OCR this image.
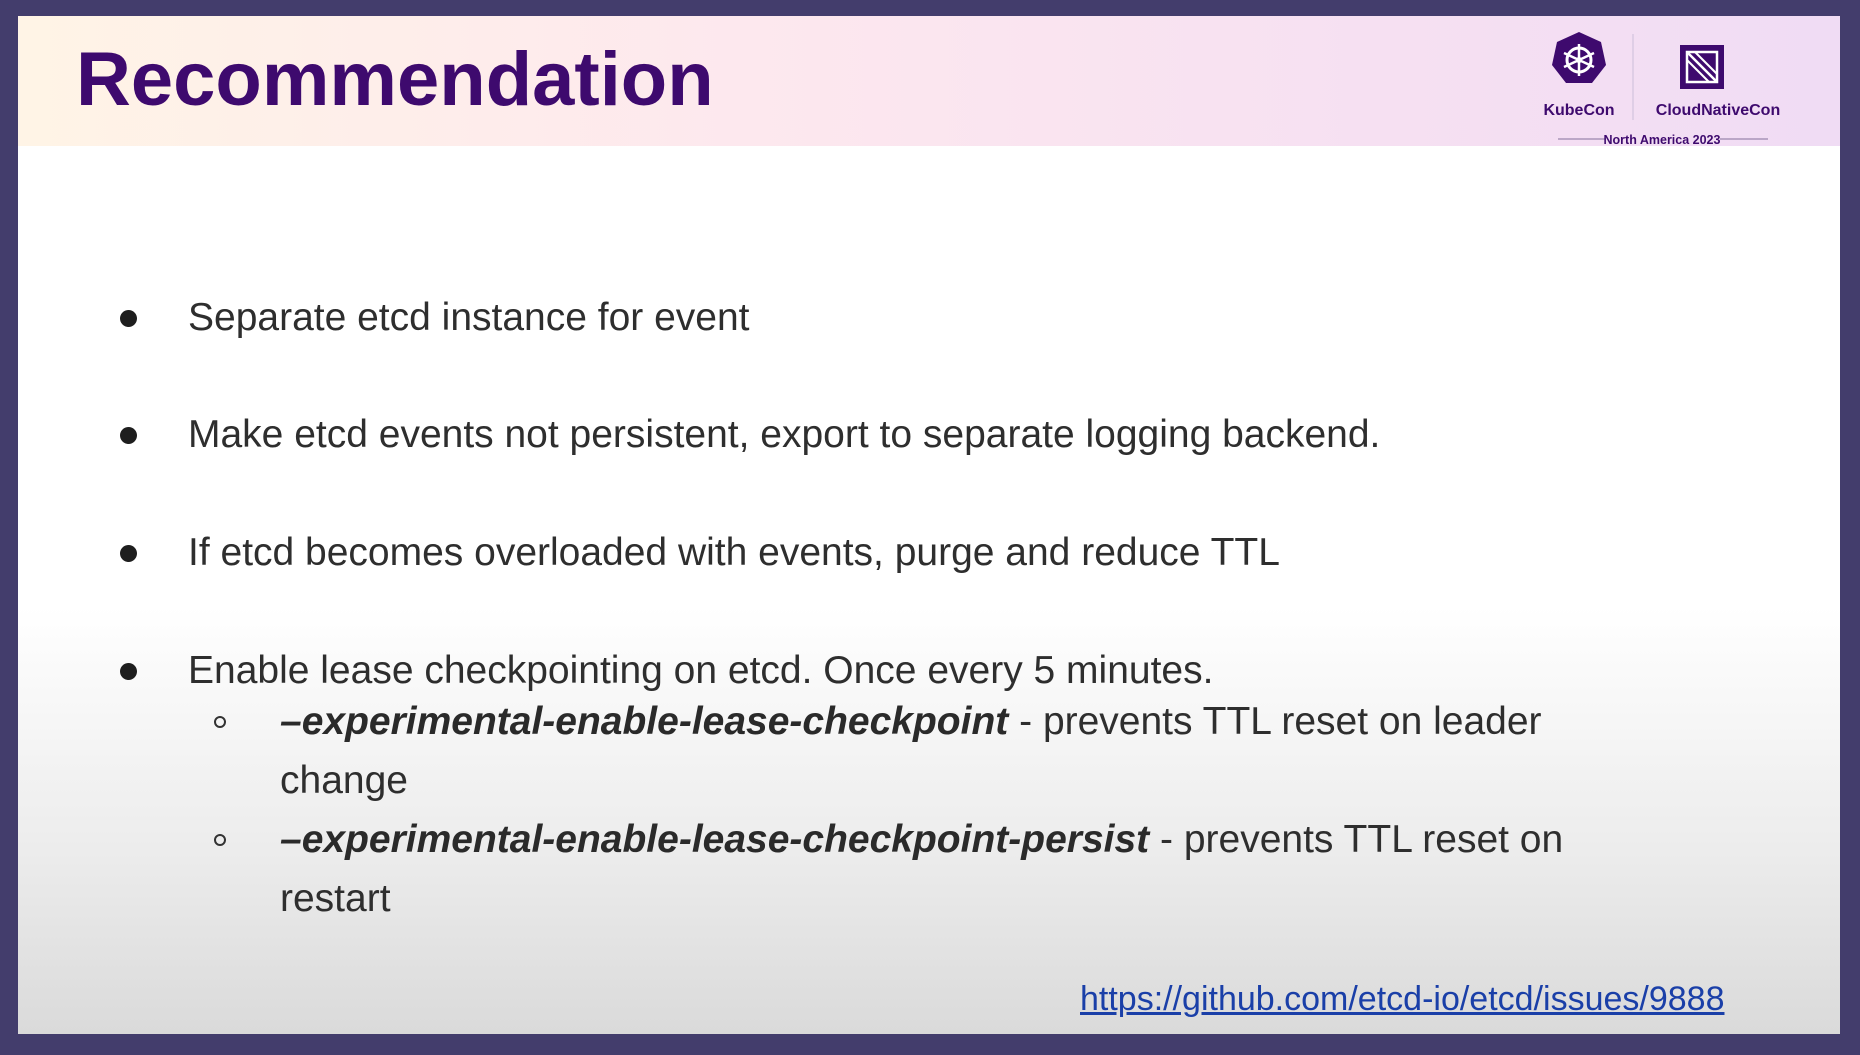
Recommendation	KubeCon	CloudNativeCon
North America 2023
Separate etcd instance for event
Make etcd events not persistent, export to separate logging backend.
If etcd becomes overloaded with events, purge and reduce TTL
Enable lease checkpointing on etcd. Once every 5 minutes.
–experimental-enable-lease-checkpoint - prevents TTL reset on leader change
–experimental-enable-lease-checkpoint-persist - prevents TTL reset on restart
https://github.com/etcd-io/etcd/issues/9888
